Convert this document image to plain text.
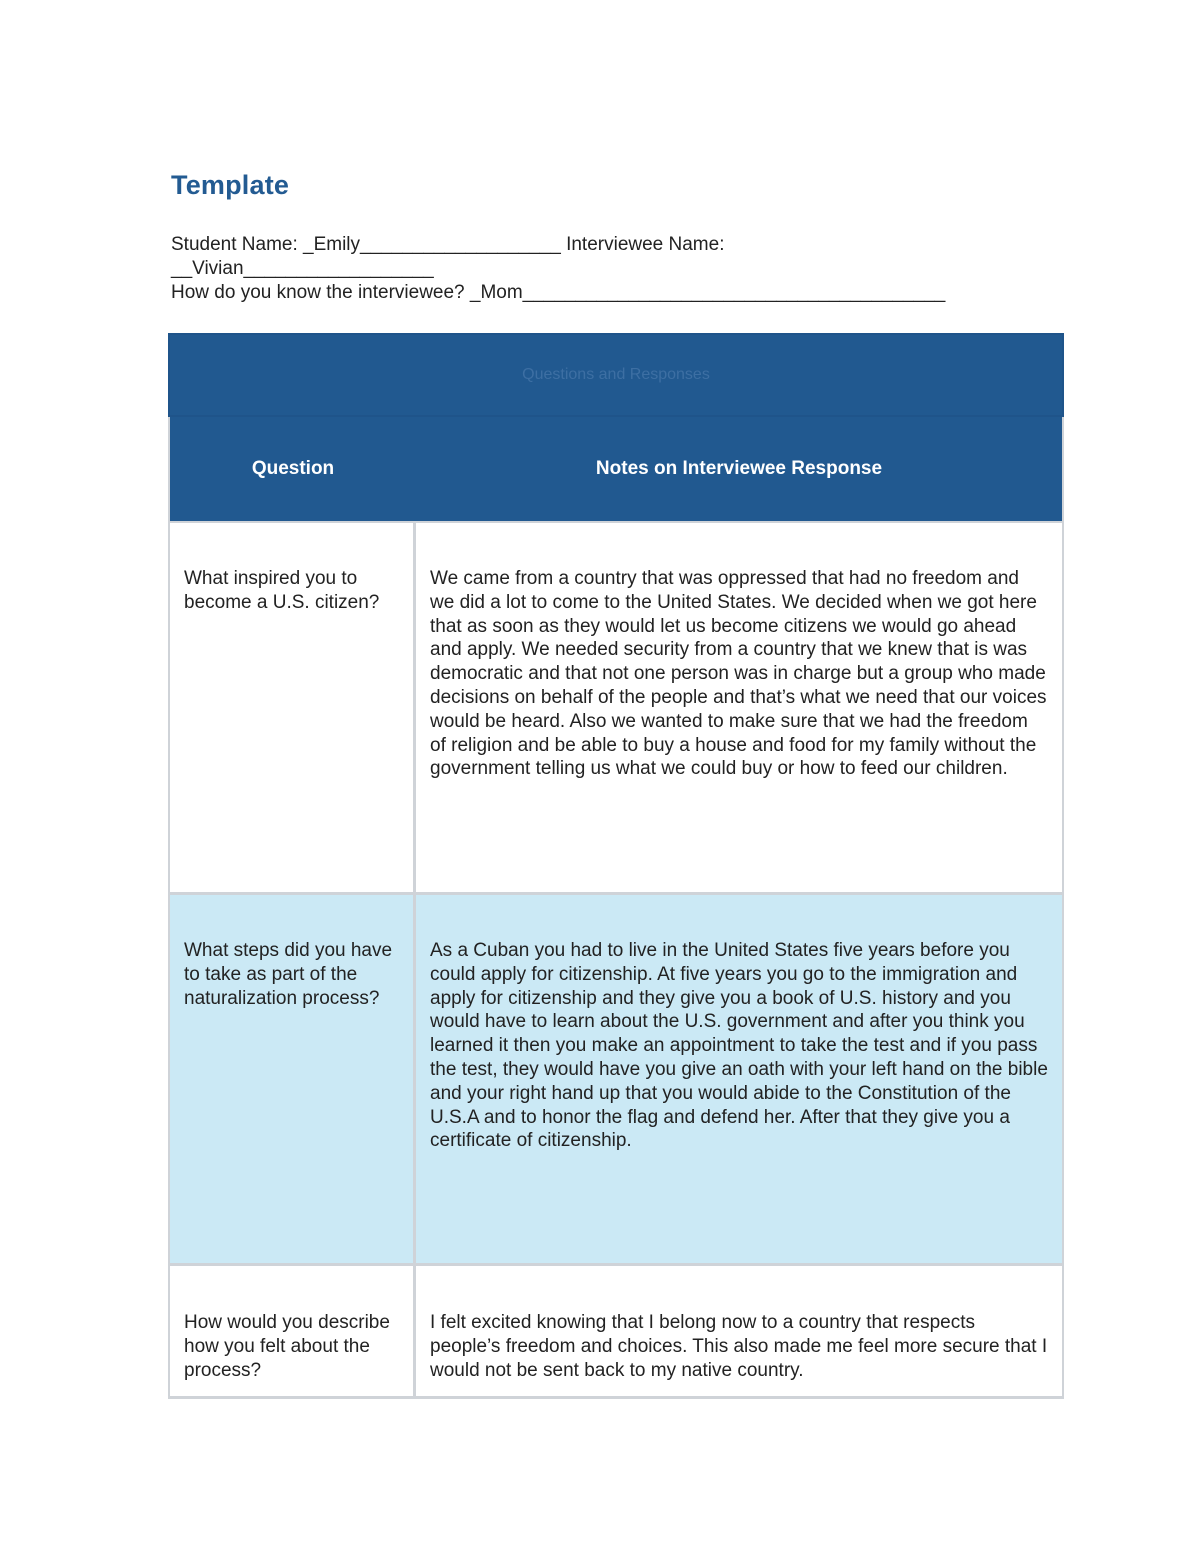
Template
Student Name: _Emily___________________ Interviewee Name:
__Vivian__________________
How do you know the interviewee? _Mom________________________________________
Questions and Responses
Question	Notes on Interviewee Response
What inspired you to become a U.S. citizen?
We came from a country that was oppressed that had no freedom and we did a lot to come to the United States. We decided when we got here that as soon as they would let us become citizens we would go ahead and apply. We needed security from a country that we knew that is was democratic and that not one person was in charge but a group who made decisions on behalf of the people and that’s what we need that our voices would be heard. Also we wanted to make sure that we had the freedom of religion and be able to buy a house and food for my family without the government telling us what we could buy or how to feed our children.
What steps did you have to take as part of the naturalization process?
As a Cuban you had to live in the United States five years before you could apply for citizenship. At five years you go to the immigration and apply for citizenship and they give you a book of U.S. history and you would have to learn about the U.S. government and after you think you learned it then you make an appointment to take the test and if you pass the test, they would have you give an oath with your left hand on the bible and your right hand up that you would abide to the Constitution of the U.S.A and to honor the flag and defend her. After that they give you a certificate of citizenship.
How would you describe how you felt about the process?
I felt excited knowing that I belong now to a country that respects people’s freedom and choices. This also made me feel more secure that I would not be sent back to my native country.
